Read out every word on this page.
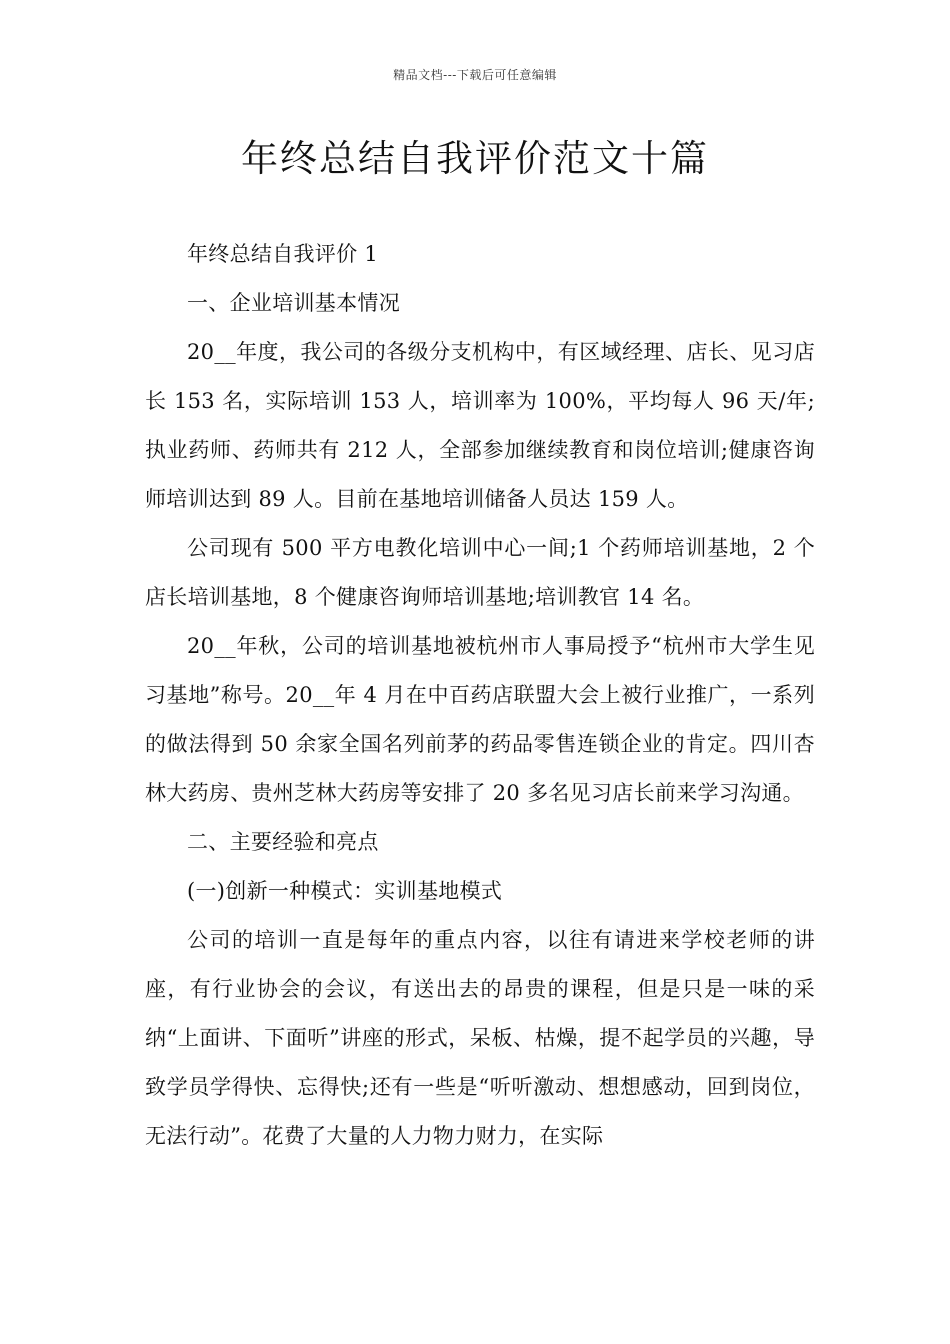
精品文档---下载后可任意编辑
年终总结自我评价范文十篇

年终总结自我评价 1

一、企业培训基本情况

20__年度，我公司的各级分支机构中，有区域经理、店长、见习店长 153 名，实际培训 153 人，培训率为 100%，平均每人 96 天/年;执业药师、药师共有 212 人，全部参加继续教育和岗位培训;健康咨询师培训达到 89 人。目前在基地培训储备人员达 159 人。

公司现有 500 平方电教化培训中心一间;1 个药师培训基地，2 个店长培训基地，8 个健康咨询师培训基地;培训教官 14 名。

20__年秋，公司的培训基地被杭州市人事局授予“杭州市大学生见习基地”称号。20__年 4 月在中百药店联盟大会上被行业推广，一系列的做法得到 50 余家全国名列前茅的药品零售连锁企业的肯定。四川杏林大药房、贵州芝林大药房等安排了 20 多名见习店长前来学习沟通。

二、主要经验和亮点

(一)创新一种模式：实训基地模式

公司的培训一直是每年的重点内容，以往有请进来学校老师的讲座，有行业协会的会议，有送出去的昂贵的课程，但是只是一味的采纳“上面讲、下面听”讲座的形式，呆板、枯燥，提不起学员的兴趣，导致学员学得快、忘得快;还有一些是“听听激动、想想感动，回到岗位，无法行动”。花费了大量的人力物力财力，在实际
